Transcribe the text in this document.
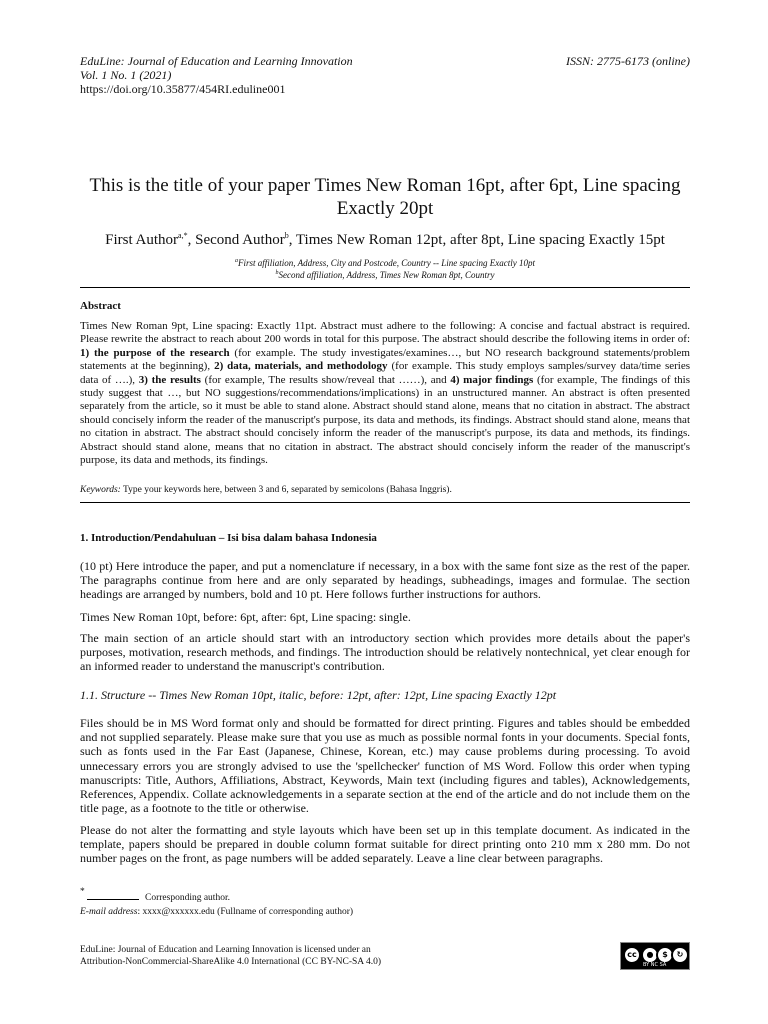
EduLine: Journal of Education and Learning Innovation
Vol. 1 No. 1 (2021)
https://doi.org/10.35877/454RI.eduline001
ISSN: 2775-6173 (online)
This is the title of your paper Times New Roman 16pt, after 6pt, Line spacing Exactly 20pt
First Author$^{a,*}$, Second Author$^b$, Times New Roman 12pt, after 8pt, Line spacing Exactly 15pt
$^a$First affiliation, Address, City and Postcode, Country -- Line spacing Exactly 10pt
$^b$Second affiliation, Address, Times New Roman 8pt, Country
Abstract
Times New Roman 9pt, Line spacing: Exactly 11pt. Abstract must adhere to the following: A concise and factual abstract is required. Please rewrite the abstract to reach about 200 words in total for this purpose. The abstract should describe the following items in order of: 1) the purpose of the research (for example. The study investigates/examines…, but NO research background statements/problem statements at the beginning), 2) data, materials, and methodology (for example. This study employs samples/survey data/time series data of ….), 3) the results (for example, The results show/reveal that ……), and 4) major findings (for example, The findings of this study suggest that …, but NO suggestions/recommendations/implications) in an unstructured manner. An abstract is often presented separately from the article, so it must be able to stand alone. Abstract should stand alone, means that no citation in abstract. The abstract should concisely inform the reader of the manuscript's purpose, its data and methods, its findings. Abstract should stand alone, means that no citation in abstract. The abstract should concisely inform the reader of the manuscript's purpose, its data and methods, its findings. Abstract should stand alone, means that no citation in abstract. The abstract should concisely inform the reader of the manuscript's purpose, its data and methods, its findings.
Keywords: Type your keywords here, between 3 and 6, separated by semicolons (Bahasa Inggris).
1. Introduction/Pendahuluan – Isi bisa dalam bahasa Indonesia
(10 pt) Here introduce the paper, and put a nomenclature if necessary, in a box with the same font size as the rest of the paper. The paragraphs continue from here and are only separated by headings, subheadings, images and formulae. The section headings are arranged by numbers, bold and 10 pt. Here follows further instructions for authors.
Times New Roman 10pt, before: 6pt, after: 6pt, Line spacing: single.
The main section of an article should start with an introductory section which provides more details about the paper's purposes, motivation, research methods, and findings. The introduction should be relatively nontechnical, yet clear enough for an informed reader to understand the manuscript's contribution.
1.1. Structure -- Times New Roman 10pt, italic, before: 12pt, after: 12pt, Line spacing Exactly 12pt
Files should be in MS Word format only and should be formatted for direct printing. Figures and tables should be embedded and not supplied separately. Please make sure that you use as much as possible normal fonts in your documents. Special fonts, such as fonts used in the Far East (Japanese, Chinese, Korean, etc.) may cause problems during processing. To avoid unnecessary errors you are strongly advised to use the 'spellchecker' function of MS Word. Follow this order when typing manuscripts: Title, Authors, Affiliations, Abstract, Keywords, Main text (including figures and tables), Acknowledgements, References, Appendix. Collate acknowledgements in a separate section at the end of the article and do not include them on the title page, as a footnote to the title or otherwise.
Please do not alter the formatting and style layouts which have been set up in this template document. As indicated in the template, papers should be prepared in double column format suitable for direct printing onto 210 mm x 280 mm. Do not number pages on the front, as page numbers will be added separately. Leave a line clear between paragraphs.
*
Corresponding author.
E-mail address: xxxx@xxxxxx.edu (Fullname of corresponding author)
EduLine: Journal of Education and Learning Innovation is licensed under an
Attribution-NonCommercial-ShareAlike 4.0 International (CC BY-NC-SA 4.0)
cc	●	$	↻
BY NC SA
